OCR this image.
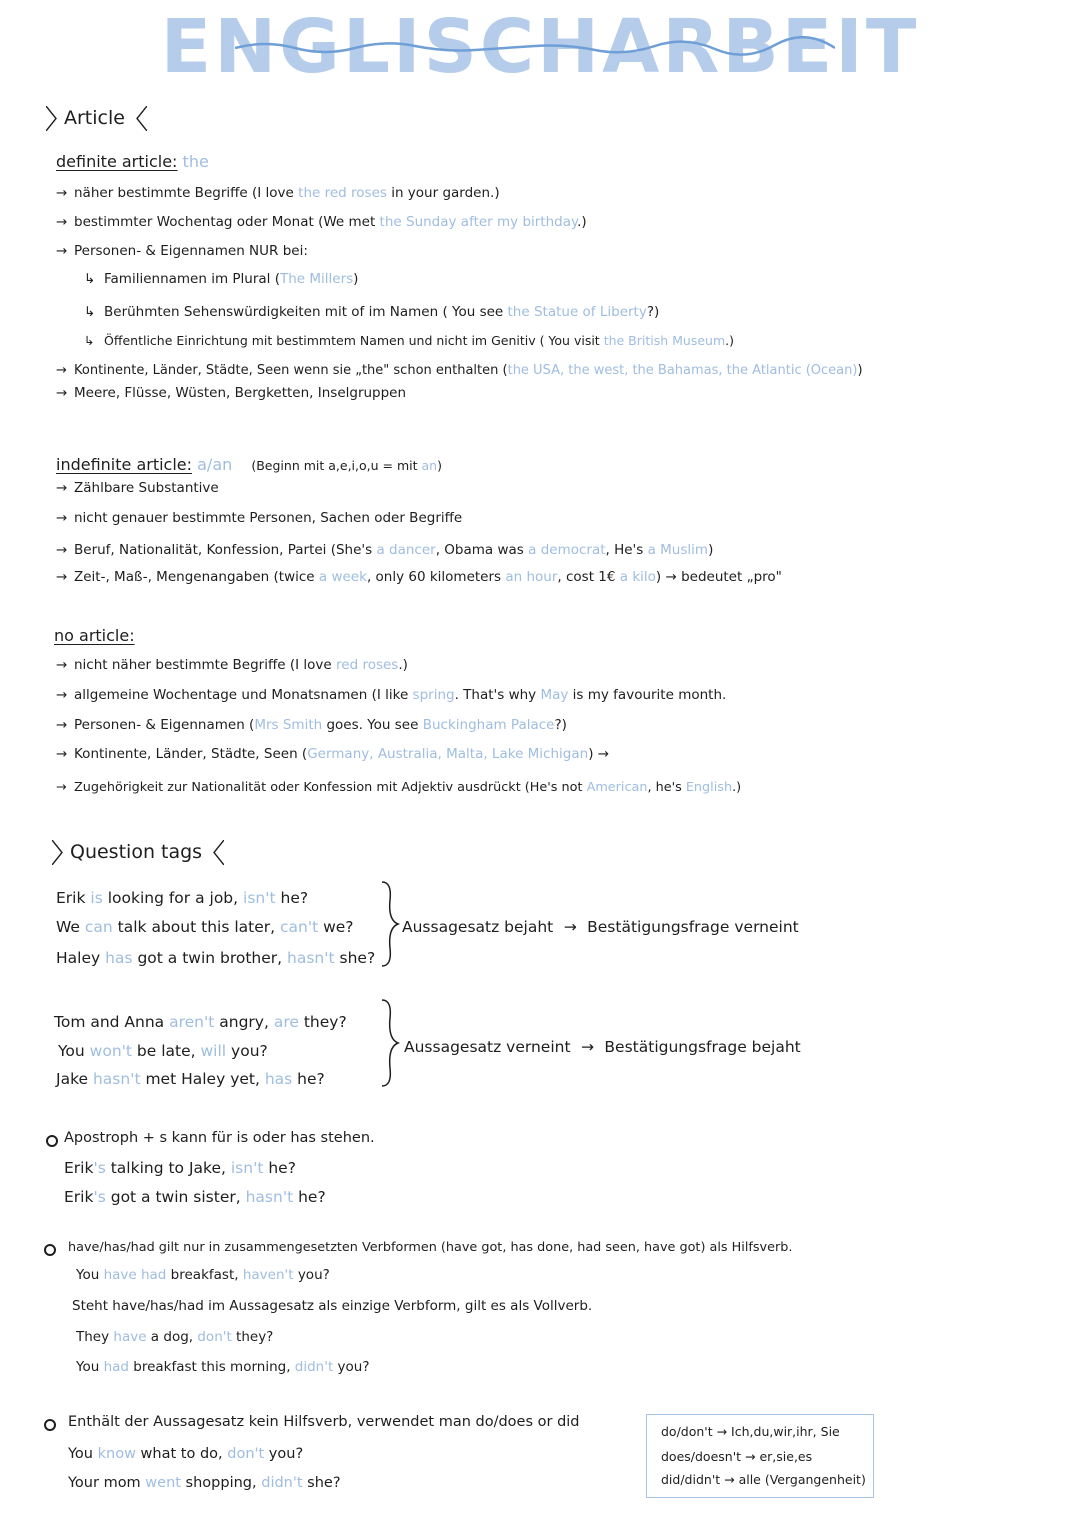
ENGLISCHARBEIT
Article
definite article: the
→ näher bestimmte Begriffe (I love the red roses in your garden.)
→ bestimmter Wochentag oder Monat (We met the Sunday after my birthday.)
→ Personen- & Eigennamen NUR bei:
↳ Familiennamen im Plural (The Millers)
↳ Berühmten Sehenswürdigkeiten mit of im Namen ( You see the Statue of Liberty?)
↳ Öffentliche Einrichtung mit bestimmtem Namen und nicht im Genitiv ( You visit the British Museum.)
→ Kontinente, Länder, Städte, Seen wenn sie „the" schon enthalten (the USA, the west, the Bahamas, the Atlantic (Ocean))
→ Meere, Flüsse, Wüsten, Bergketten, Inselgruppen
indefinite article: a/an (Beginn mit a,e,i,o,u = mit an)
→ Zählbare Substantive
→ nicht genauer bestimmte Personen, Sachen oder Begriffe
→ Beruf, Nationalität, Konfession, Partei (She's a dancer, Obama was a democrat, He's a Muslim)
→ Zeit-, Maß-, Mengenangaben (twice a week, only 60 kilometers an hour, cost 1€ a kilo) → bedeutet „pro"
no article:
→ nicht näher bestimmte Begriffe (I love red roses.)
→ allgemeine Wochentage und Monatsnamen (I like spring. That's why May is my favourite month.
→ Personen- & Eigennamen (Mrs Smith goes. You see Buckingham Palace?)
→ Kontinente, Länder, Städte, Seen (Germany, Australia, Malta, Lake Michigan) →
→ Zugehörigkeit zur Nationalität oder Konfession mit Adjektiv ausdrückt (He's not American, he's English.)
Question tags
Erik is looking for a job, isn't he?
We can talk about this later, can't we?
Haley has got a twin brother, hasn't she?
Aussagesatz bejaht → Bestätigungsfrage verneint
Tom and Anna aren't angry, are they?
You won't be late, will you?
Jake hasn't met Haley yet, has he?
Aussagesatz verneint → Bestätigungsfrage bejaht
Apostroph + s kann für is oder has stehen.
Erik's talking to Jake, isn't he?
Erik's got a twin sister, hasn't he?
have/has/had gilt nur in zusammengesetzten Verbformen (have got, has done, had seen, have got) als Hilfsverb.
You have had breakfast, haven't you?
Steht have/has/had im Aussagesatz als einzige Verbform, gilt es als Vollverb.
They have a dog, don't they?
You had breakfast this morning, didn't you?
Enthält der Aussagesatz kein Hilfsverb, verwendet man do/does or did
You know what to do, don't you?
Your mom went shopping, didn't she?
do/don't → Ich,du,wir,ihr, Sie
does/doesn't → er,sie,es
did/didn't → alle (Vergangenheit)
